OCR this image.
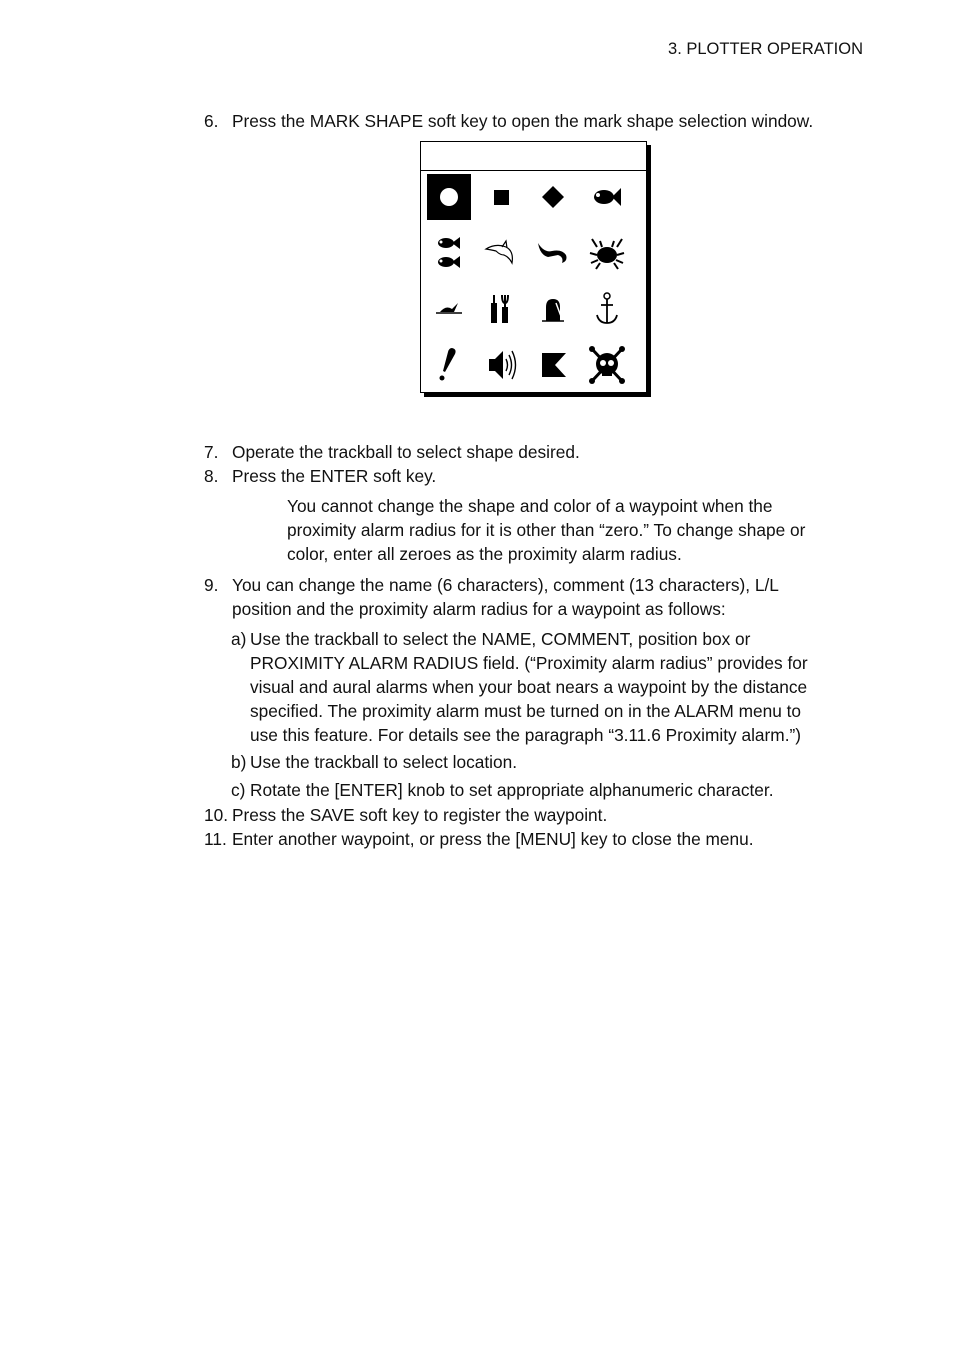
3. PLOTTER OPERATION
6. Press the MARK SHAPE soft key to open the mark shape selection window.
7. Operate the trackball to select shape desired.
8. Press the ENTER soft key.
You cannot change the shape and color of a waypoint when the
proximity alarm radius for it is other than “zero.” To change shape or
color, enter all zeroes as the proximity alarm radius.
9. You can change the name (6 characters), comment (13 characters), L/L
position and the proximity alarm radius for a waypoint as follows:
a) Use the trackball to select the NAME, COMMENT, position box or
PROXIMITY ALARM RADIUS field. (“Proximity alarm radius” provides for
visual and aural alarms when your boat nears a waypoint by the distance
specified. The proximity alarm must be turned on in the ALARM menu to
use this feature. For details see the paragraph “3.11.6 Proximity alarm.”)
b) Use the trackball to select location.
c) Rotate the [ENTER] knob to set appropriate alphanumeric character.
10. Press the SAVE soft key to register the waypoint.
11. Enter another waypoint, or press the [MENU] key to close the menu.
